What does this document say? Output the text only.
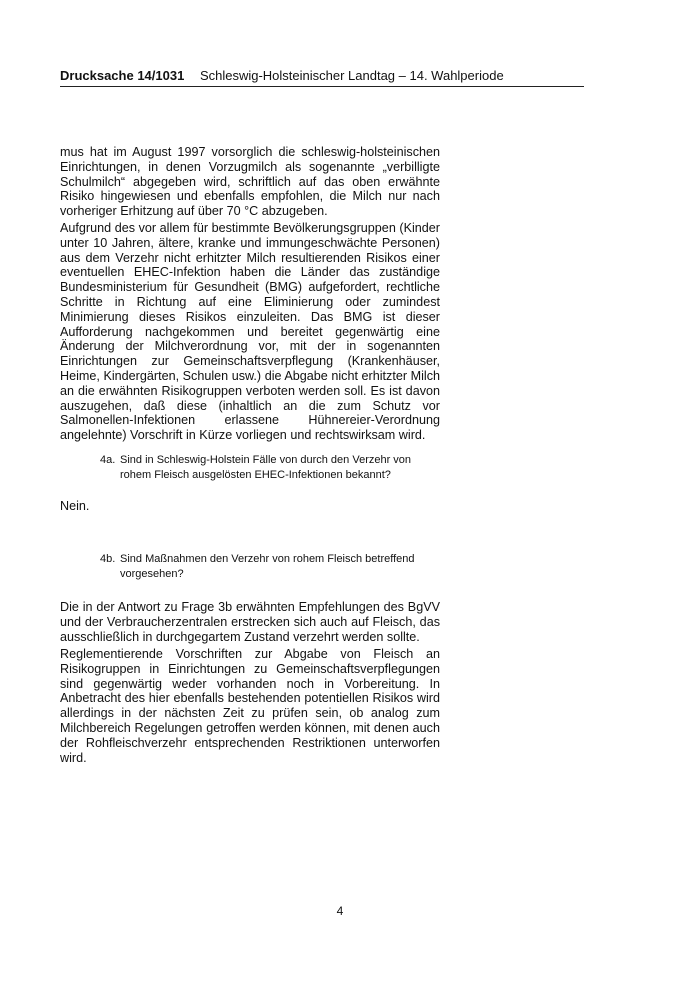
Drucksache 14/1031 Schleswig-Holsteinischer Landtag – 14. Wahlperiode

mus hat im August 1997 vorsorglich die schleswig-holsteinischen Einrichtungen, in denen Vorzugmilch als sogenannte „verbilligte Schulmilch“ abgegeben wird, schriftlich auf das oben erwähnte Risiko hingewiesen und ebenfalls empfohlen, die Milch nur nach vorheriger Erhitzung auf über 70 °C abzugeben.

Aufgrund des vor allem für bestimmte Bevölkerungsgruppen (Kinder unter 10 Jahren, ältere, kranke und immungeschwächte Personen) aus dem Verzehr nicht erhitzter Milch resultierenden Risikos einer eventuellen EHEC-Infektion haben die Länder das zuständige Bundesministerium für Gesundheit (BMG) aufgefordert, rechtliche Schritte in Richtung auf eine Eliminierung oder zumindest Minimierung dieses Risikos einzuleiten. Das BMG ist dieser Aufforderung nachgekommen und bereitet gegenwärtig eine Änderung der Milchverordnung vor, mit der in sogenannten Einrichtungen zur Gemeinschaftsverpflegung (Krankenhäuser, Heime, Kindergärten, Schulen usw.) die Abgabe nicht erhitzter Milch an die erwähnten Risikogruppen verboten werden soll. Es ist davon auszugehen, daß diese (inhaltlich an die zum Schutz vor Salmonellen-Infektionen erlassene Hühnereier-Verordnung angelehnte) Vorschrift in Kürze vorliegen und rechtswirksam wird.

4a. Sind in Schleswig-Holstein Fälle von durch den Verzehr von
rohem Fleisch ausgelösten EHEC-Infektionen bekannt?

Nein.

4b. Sind Maßnahmen den Verzehr von rohem Fleisch betreffend
vorgesehen?

Die in der Antwort zu Frage 3b erwähnten Empfehlungen des BgVV und der Verbraucherzentralen erstrecken sich auch auf Fleisch, das ausschließlich in durchgegartem Zustand verzehrt werden sollte.

Reglementierende Vorschriften zur Abgabe von Fleisch an Risikogruppen in Einrichtungen zu Gemeinschaftsverpflegungen sind gegenwärtig weder vorhanden noch in Vorbereitung. In Anbetracht des hier ebenfalls bestehenden potentiellen Risikos wird allerdings in der nächsten Zeit zu prüfen sein, ob analog zum Milchbereich Regelungen getroffen werden können, mit denen auch der Rohfleischverzehr entsprechenden Restriktionen unterworfen wird.

4
